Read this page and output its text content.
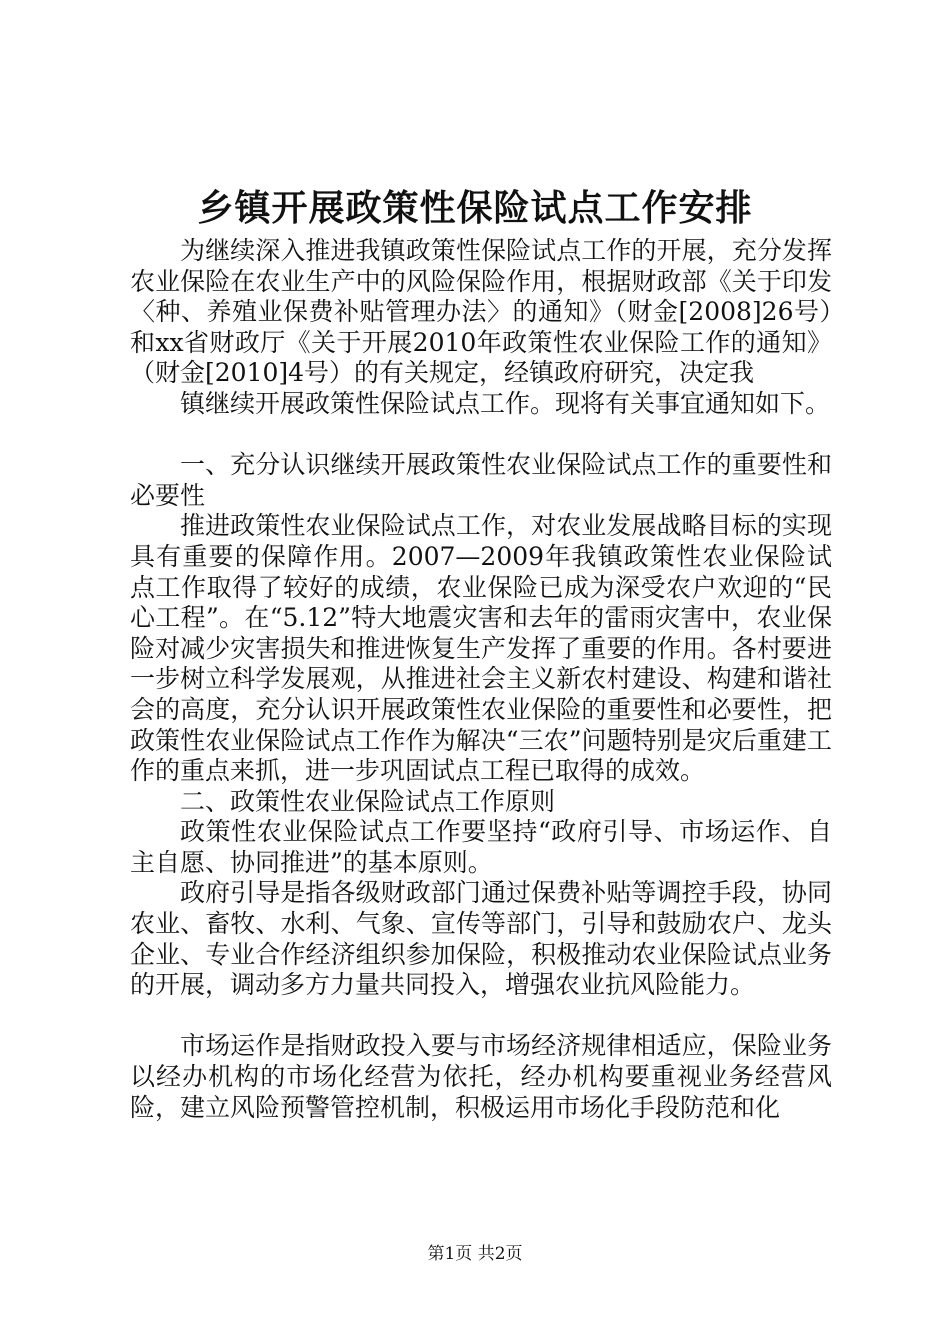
乡镇开展政策性保险试点工作安排

为继续深入推进我镇政策性保险试点工作的开展，充分发挥农业保险在农业生产中的风险保险作用，根据财政部《关于印发〈种、养殖业保费补贴管理办法〉的通知》（财金[2008]26号）和xx省财政厅《关于开展2010年政策性农业保险工作的通知》（财金[2010]4号）的有关规定，经镇政府研究，决定我

镇继续开展政策性保险试点工作。现将有关事宜通知如下。

一、充分认识继续开展政策性农业保险试点工作的重要性和必要性

推进政策性农业保险试点工作，对农业发展战略目标的实现具有重要的保障作用。2007—2009年我镇政策性农业保险试点工作取得了较好的成绩，农业保险已成为深受农户欢迎的“民心工程”。在“5.12”特大地震灾害和去年的雷雨灾害中，农业保险对减少灾害损失和推进恢复生产发挥了重要的作用。各村要进一步树立科学发展观，从推进社会主义新农村建设、构建和谐社会的高度，充分认识开展政策性农业保险的重要性和必要性，把政策性农业保险试点工作作为解决“三农”问题特别是灾后重建工作的重点来抓，进一步巩固试点工程已取得的成效。

二、政策性农业保险试点工作原则

政策性农业保险试点工作要坚持“政府引导、市场运作、自主自愿、协同推进”的基本原则。

政府引导是指各级财政部门通过保费补贴等调控手段，协同农业、畜牧、水利、气象、宣传等部门，引导和鼓励农户、龙头企业、专业合作经济组织参加保险，积极推动农业保险试点业务的开展，调动多方力量共同投入，增强农业抗风险能力。

市场运作是指财政投入要与市场经济规律相适应，保险业务以经办机构的市场化经营为依托，经办机构要重视业务经营风险，建立风险预警管控机制，积极运用市场化手段防范和化

第1页 共2页
